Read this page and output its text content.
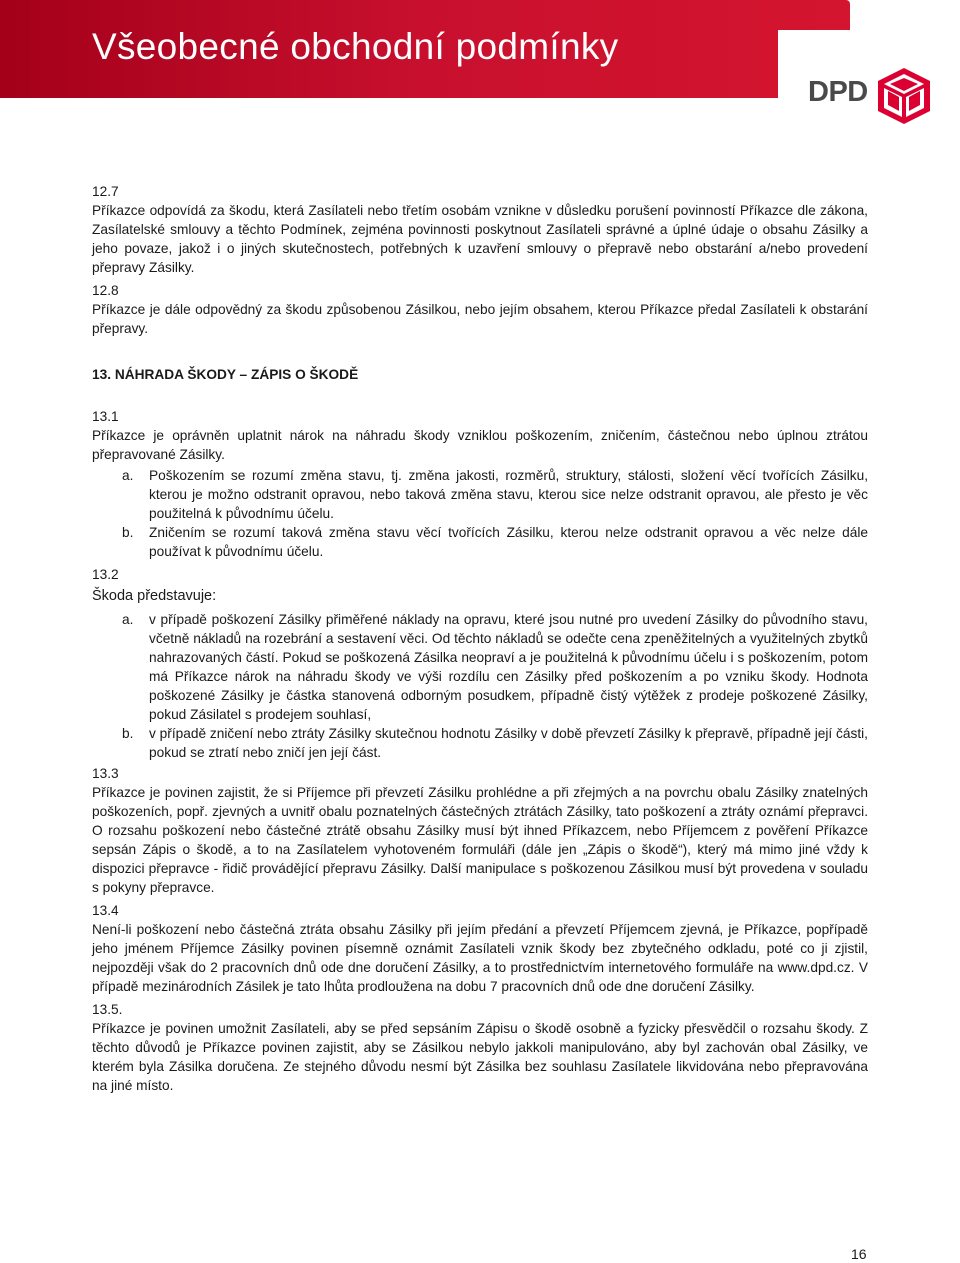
Všeobecné obchodní podmínky
DPD
12.7

Příkazce odpovídá za škodu, která Zasílateli nebo třetím osobám vznikne v důsledku porušení povinností Příkazce dle zákona, Zasílatelské smlouvy a těchto Podmínek, zejména povinnosti poskytnout Zasílateli správné a úplné údaje o obsahu Zásilky a jeho povaze, jakož i o jiných skutečnostech, potřebných k uzavření smlouvy o přepravě nebo obstarání a/nebo provedení přepravy Zásilky.

12.8

Příkazce je dále odpovědný za škodu způsobenou Zásilkou, nebo jejím obsahem, kterou Příkazce předal Zasílateli k obstarání přepravy.

13. NÁHRADA ŠKODY – ZÁPIS O ŠKODĚ
13.1

Příkazce je oprávněn uplatnit nárok na náhradu škody vzniklou poškozením, zničením, částečnou nebo úplnou ztrátou přepravované Zásilky.

a. Poškozením se rozumí změna stavu, tj. změna jakosti, rozměrů, struktury, stálosti, složení věcí tvořících Zásilku, kterou je možno odstranit opravou, nebo taková změna stavu, kterou sice nelze odstranit opravou, ale přesto je věc použitelná k původnímu účelu.
b. Zničením se rozumí taková změna stavu věcí tvořících Zásilku, kterou nelze odstranit opravou a věc nelze dále používat k původnímu účelu.
13.2

Škoda představuje:

a. v případě poškození Zásilky přiměřené náklady na opravu, které jsou nutné pro uvedení Zásilky do původního stavu, včetně nákladů na rozebrání a sestavení věci. Od těchto nákladů se odečte cena zpeněžitelných a využitelných zbytků nahrazovaných částí. Pokud se poškozená Zásilka neopraví a je použitelná k původnímu účelu i s poškozením, potom má Příkazce nárok na náhradu škody ve výši rozdílu cen Zásilky před poškozením a po vzniku škody. Hodnota poškozené Zásilky je částka stanovená odborným posudkem, případně čistý výtěžek z prodeje poškozené Zásilky, pokud Zásilatel s prodejem souhlasí,
b. v případě zničení nebo ztráty Zásilky skutečnou hodnotu Zásilky v době převzetí Zásilky k přepravě, případně její části, pokud se ztratí nebo zničí jen její část.
13.3

Příkazce je povinen zajistit, že si Příjemce při převzetí Zásilku prohlédne a při zřejmých a na povrchu obalu Zásilky znatelných poškozeních, popř. zjevných a uvnitř obalu poznatelných částečných ztrátách Zásilky, tato poškození a ztráty oznámí přepravci. O rozsahu poškození nebo částečné ztrátě obsahu Zásilky musí být ihned Příkazcem, nebo Příjemcem z pověření Příkazce sepsán Zápis o škodě, a to na Zasílatelem vyhotoveném formuláři (dále jen „Zápis o škodě“), který má mimo jiné vždy k dispozici přepravce - řidič provádějící přepravu Zásilky. Další manipulace s poškozenou Zásilkou musí být provedena v souladu s pokyny přepravce.

13.4

Není-li poškození nebo částečná ztráta obsahu Zásilky při jejím předání a převzetí Příjemcem zjevná, je Příkazce, popřípadě jeho jménem Příjemce Zásilky povinen písemně oznámit Zasílateli vznik škody bez zbytečného odkladu, poté co ji zjistil, nejpozději však do 2 pracovních dnů ode dne doručení Zásilky, a to prostřednictvím internetového formuláře na www.dpd.cz. V případě mezinárodních Zásilek je tato lhůta prodloužena na dobu 7 pracovních dnů ode dne doručení Zásilky.

13.5.

Příkazce je povinen umožnit Zasílateli, aby se před sepsáním Zápisu o škodě osobně a fyzicky přesvědčil o rozsahu škody. Z těchto důvodů je Příkazce povinen zajistit, aby se Zásilkou nebylo jakkoli manipulováno, aby byl zachován obal Zásilky, ve kterém byla Zásilka doručena. Ze stejného důvodu nesmí být Zásilka bez souhlasu Zasílatele likvidována nebo přepravována na jiné místo.

16
